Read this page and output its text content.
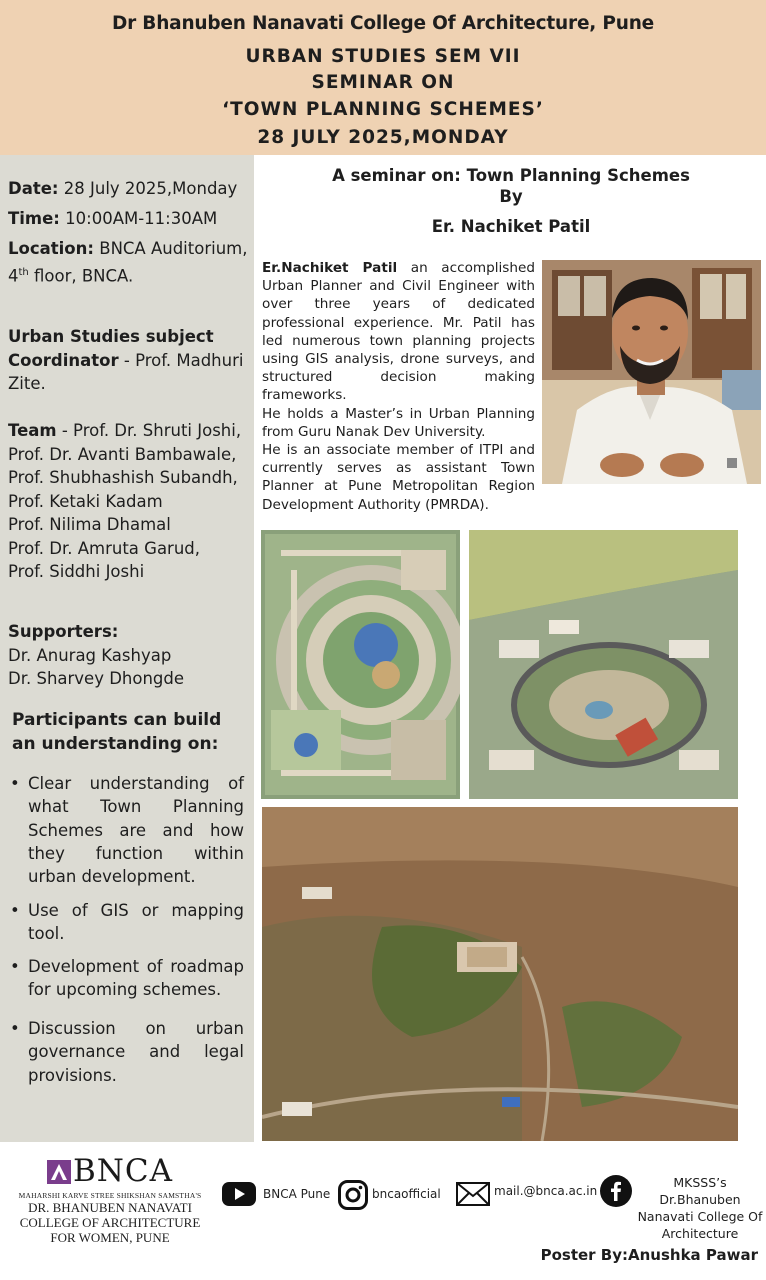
Dr Bhanuben Nanavati College Of Architecture, Pune
URBAN STUDIES SEM VII
SEMINAR ON
‘TOWN PLANNING SCHEMES’
28 JULY 2025,MONDAY
Date: 28 July 2025,Monday
Time: 10:00AM-11:30AM
Location: BNCA Auditorium,
4th floor, BNCA.
Urban Studies subject
Coordinator - Prof. Madhuri Zite.
Team - Prof. Dr. Shruti Joshi,
Prof. Dr. Avanti Bambawale,
Prof. Shubhashish Subandh,
Prof. Ketaki Kadam
Prof. Nilima Dhamal
Prof. Dr. Amruta Garud,
Prof. Siddhi Joshi
Supporters:
Dr. Anurag Kashyap
Dr. Sharvey Dhongde
Participants can build an understanding on:
• Clear understanding of what Town Planning Schemes are and how they function within urban development.
• Use of GIS or mapping tool.
• Development of roadmap for upcoming schemes.
• Discussion on urban governance and legal provisions.
A seminar on: Town Planning Schemes
By
Er. Nachiket Patil

Er.Nachiket Patil an accomplished Urban Planner and Civil Engineer with over three years of dedicated professional experience. Mr. Patil has led numerous town planning projects using GIS analysis, drone surveys, and structured decision making frameworks.

He holds a Master’s in Urban Planning from Guru Nanak Dev University.

He is an associate member of ITPI and currently serves as assistant Town Planner at Pune Metropolitan Region Development Authority (PMRDA).

BNCA
MAHARSHI KARVE STREE SHIKSHAN SAMSTHA'S
DR. BHANUBEN NANAVATI
COLLEGE OF ARCHITECTURE
FOR WOMEN, PUNE
BNCA Pune	bncaofficial	mail.@bnca.ac.in
MKSSS’s Dr.Bhanuben
Nanavati College Of
Architecture
Poster By:Anushka Pawar
